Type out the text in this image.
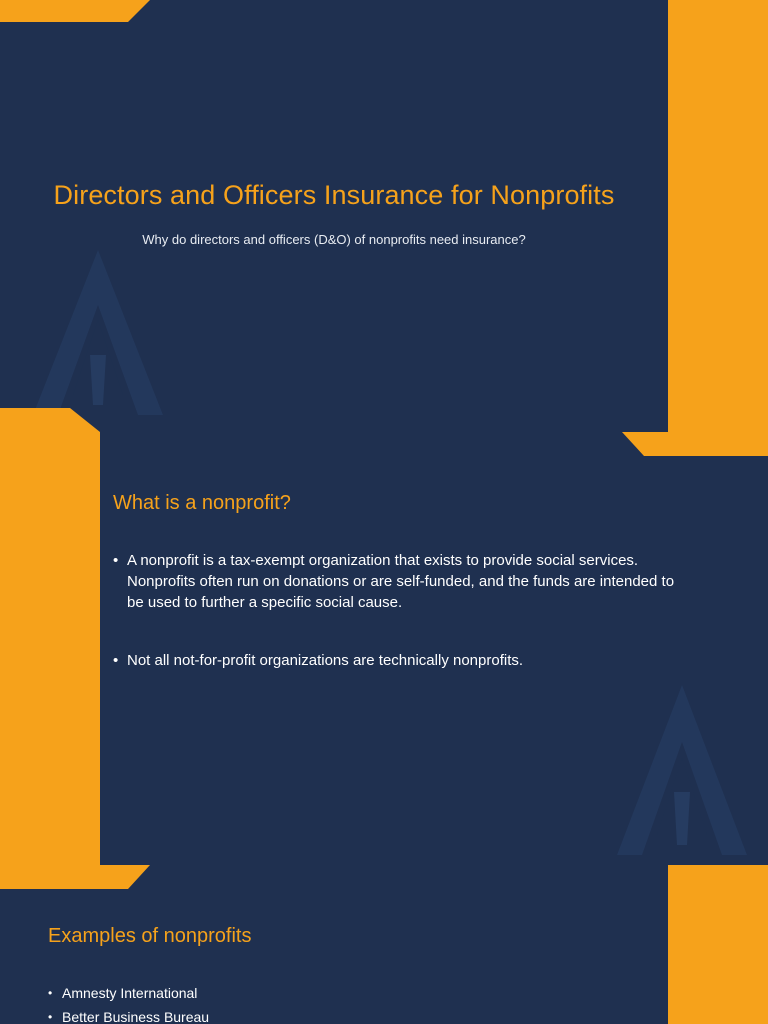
Directors and Officers Insurance for Nonprofits
Why do directors and officers (D&O) of nonprofits need insurance?
What is a nonprofit?
• A nonprofit is a tax-exempt organization that exists to provide social services. Nonprofits often run on donations or are self-funded, and the funds are intended to be used to further a specific social cause.
• Not all not-for-profit organizations are technically nonprofits.
Examples of nonprofits
• Amnesty International
• Better Business Bureau
